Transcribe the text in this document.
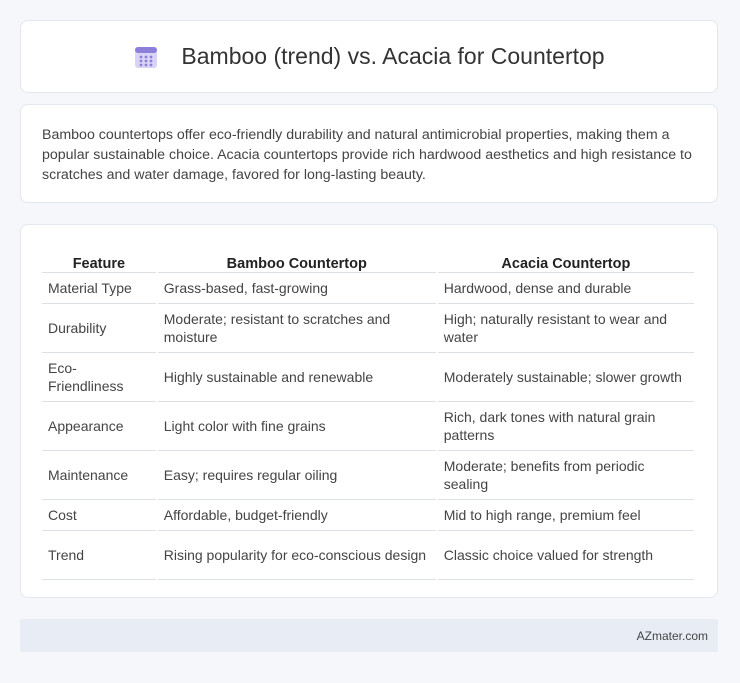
Bamboo (trend) vs. Acacia for Countertop

Bamboo countertops offer eco-friendly durability and natural antimicrobial properties, making them a popular sustainable choice. Acacia countertops provide rich hardwood aesthetics and high resistance to scratches and water damage, favored for long-lasting beauty.

Feature	Bamboo Countertop	Acacia Countertop
Material Type	Grass-based, fast-growing	Hardwood, dense and durable
Durability	Moderate; resistant to scratches and moisture	High; naturally resistant to wear and water
Eco-Friendliness	Highly sustainable and renewable	Moderately sustainable; slower growth
Appearance	Light color with fine grains	Rich, dark tones with natural grain patterns
Maintenance	Easy; requires regular oiling	Moderate; benefits from periodic sealing
Cost	Affordable, budget-friendly	Mid to high range, premium feel
Trend	Rising popularity for eco-conscious design	Classic choice valued for strength
AZmater.com
